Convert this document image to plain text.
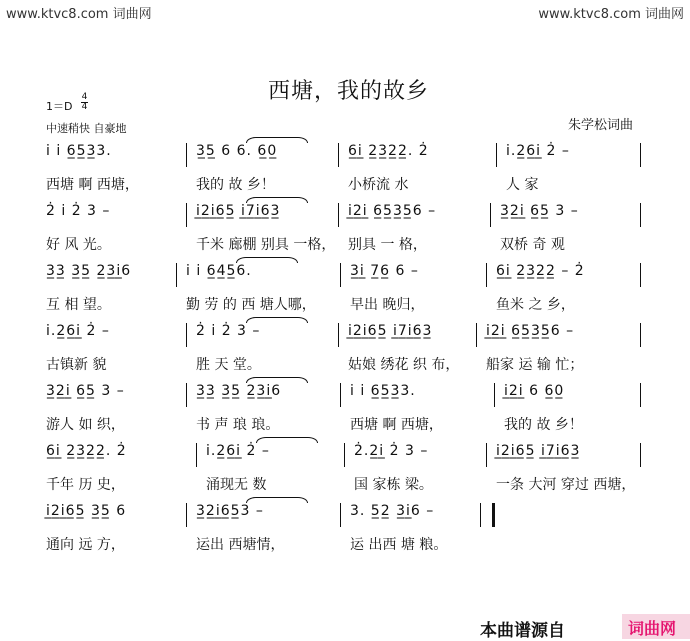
www.ktvc8.com 词曲网	www.ktvc8.com 词曲网
西塘，我的故乡
1＝D
4
4
中速稍快 自豪地	朱学松词曲
i i 6̲5̲3̲3.
西塘 啊 西塘，
3̲5̲ 6 6. 6̲0̲
我的 故 乡！
6̲i̲ 2̲3̲2̲2̲. 2̇
小桥流 水
i.2̲6̲i̲ 2̇ –
人 家
2̇ i 2̇ 3 –
好 风 光。
i̲2̲i̲6̲5̲ i̲7̲i̲6̲3̲
千米 廊棚 别具 一格，
i̲2̲i̲ 6̲5̲3̲5̲6 –
别具 一 格，
3̲2̲i̲ 6̲5̲ 3 –
双桥 奇 观
3̲3̲ 3̲5̲ 2̲3̲i̲6
互 相 望。
i i 6̲4̲5̲6.
勤 劳 的 西 塘人哪，
3̲i̲ 7̲6̲ 6 –
早出 晚归，
6̲i̲ 2̲3̲2̲2̲ – 2̇
鱼米 之 乡，
i.2̲6̲i̲ 2̇ –
古镇新 貌
2̇ i 2̇ 3 –
胜 天 堂。
i̲2̲i̲6̲5̲ i̲7̲i̲6̲3̲
姑娘 绣花 织 布，
i̲2̲i̲ 6̲5̲3̲5̲6 –
船家 运 输 忙；
3̲2̲i̲ 6̲5̲ 3 –
游人 如 织，
3̲3̲ 3̲5̲ 2̲3̲i̲6
书 声 琅 琅。
i i 6̲5̲3̲3.
西塘 啊 西塘，
i̲2̲i̲ 6 6̲0̲
我的 故 乡！
6̲i̲ 2̲3̲2̲2̲. 2̇
千年 历 史，
i.2̲6̲i̲ 2̇ –
涌现无 数
2̇.2̲i̲ 2̇ 3 –
国 家栋 梁。
i̲2̲i̲6̲5̲ i̲7̲i̲6̲3̲
一条 大河 穿过 西塘，
i̲2̲i̲6̲5̲ 3̲5̲ 6
通向 远 方，
3̲2̲i̲6̲5̲3 –
运出 西塘情，
3. 5̲2̲ 3̲i̲6 –
运 出西 塘 粮。
本曲谱源自	词曲网
